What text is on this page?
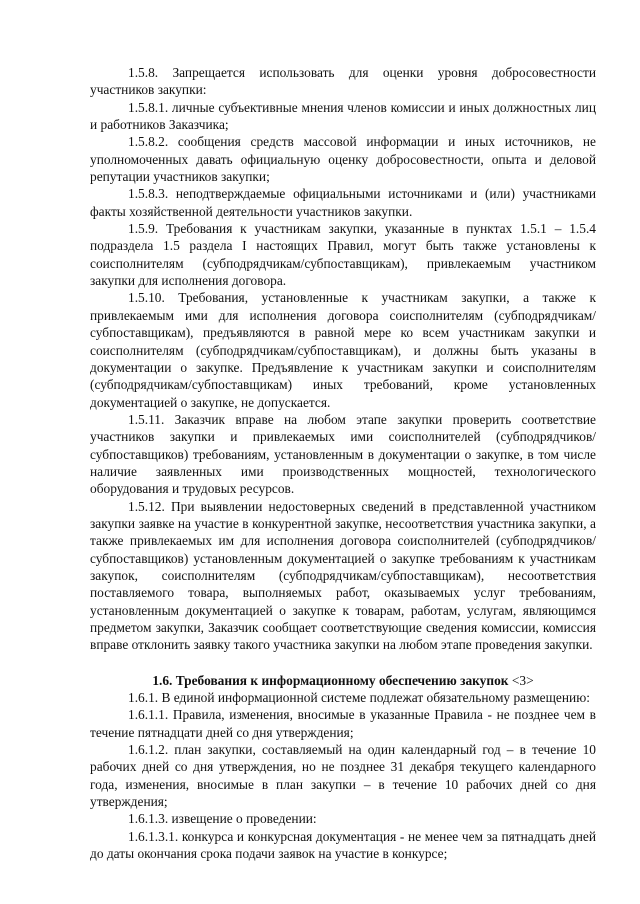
1.5.8. Запрещается использовать для оценки уровня добросовестности участников закупки:

1.5.8.1. личные субъективные мнения членов комиссии и иных должностных лиц и работников Заказчика;

1.5.8.2. сообщения средств массовой информации и иных источников, не уполномоченных давать официальную оценку добросовестности, опыта и деловой репутации участников закупки;

1.5.8.3. неподтверждаемые официальными источниками и (или) участниками факты хозяйственной деятельности участников закупки.

1.5.9. Требования к участникам закупки, указанные в пунктах 1.5.1 – 1.5.4 подраздела 1.5 раздела I настоящих Правил, могут быть также установлены к соисполнителям (субподрядчикам/субпоставщикам), привлекаемым участником закупки для исполнения договора.

1.5.10. Требования, установленные к участникам закупки, а также к привлекаемым ими для исполнения договора соисполнителям (субподрядчикам/субпоставщикам), предъявляются в равной мере ко всем участникам закупки и соисполнителям (субподрядчикам/субпоставщикам), и должны быть указаны в документации о закупке. Предъявление к участникам закупки и соисполнителям (субподрядчикам/субпоставщикам) иных требований, кроме установленных документацией о закупке, не допускается.

1.5.11. Заказчик вправе на любом этапе закупки проверить соответствие участников закупки и привлекаемых ими соисполнителей (субподрядчиков/субпоставщиков) требованиям, установленным в документации о закупке, в том числе наличие заявленных ими производственных мощностей, технологического оборудования и трудовых ресурсов.

1.5.12. При выявлении недостоверных сведений в представленной участником закупки заявке на участие в конкурентной закупке, несоответствия участника закупки, а также привлекаемых им для исполнения договора соисполнителей (субподрядчиков/субпоставщиков) установленным документацией о закупке требованиям к участникам закупок, соисполнителям (субподрядчикам/субпоставщикам), несоответствия поставляемого товара, выполняемых работ, оказываемых услуг требованиям, установленным документацией о закупке к товарам, работам, услугам, являющимся предметом закупки, Заказчик сообщает соответствующие сведения комиссии, комиссия вправе отклонить заявку такого участника закупки на любом этапе проведения закупки.

1.6. Требования к информационному обеспечению закупок <3>

1.6.1. В единой информационной системе подлежат обязательному размещению:

1.6.1.1. Правила, изменения, вносимые в указанные Правила - не позднее чем в течение пятнадцати дней со дня утверждения;

1.6.1.2. план закупки, составляемый на один календарный год – в течение 10 рабочих дней со дня утверждения, но не позднее 31 декабря текущего календарного года, изменения, вносимые в план закупки – в течение 10 рабочих дней со дня утверждения;

1.6.1.3. извещение о проведении:

1.6.1.3.1. конкурса и конкурсная документация - не менее чем за пятнадцать дней до даты окончания срока подачи заявок на участие в конкурсе;
